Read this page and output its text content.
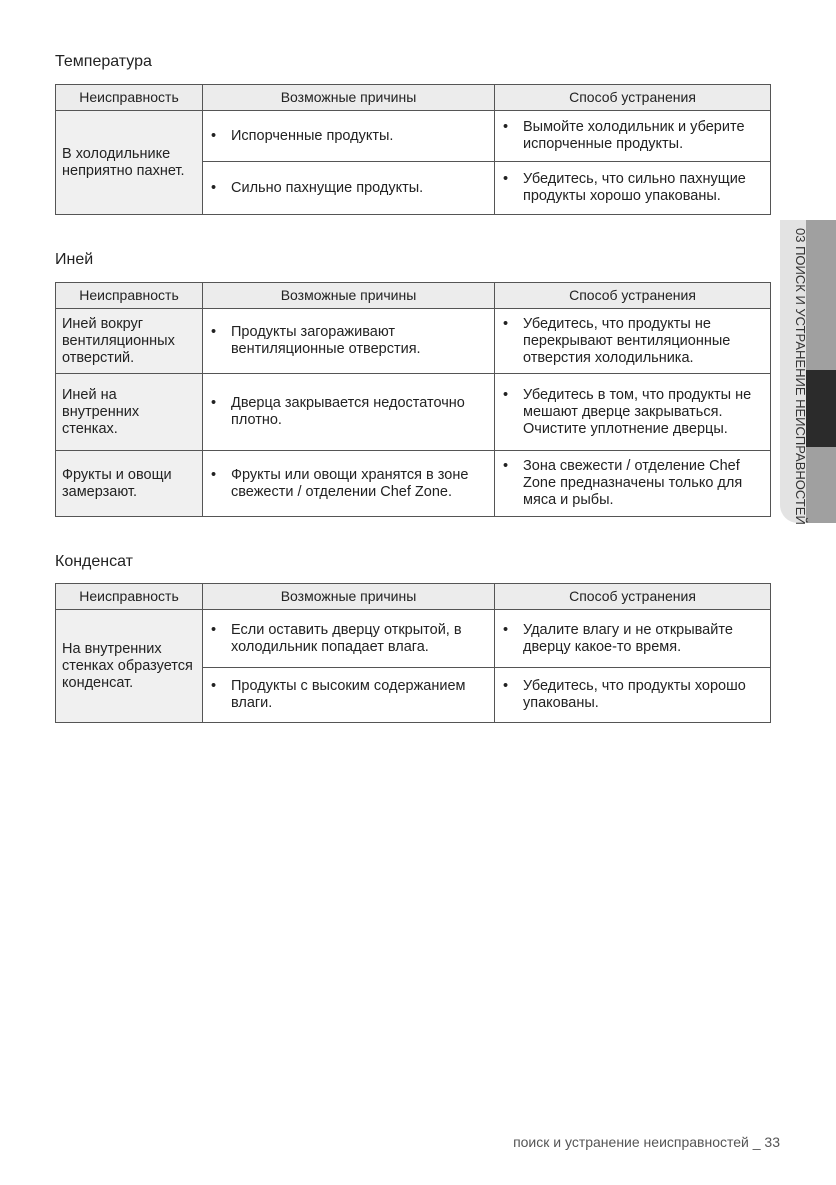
Температура
Неисправность	Возможные причины	Способ устранения
В холодильнике неприятно пахнет.	• Испорченные продукты.	• Вымойте холодильник и уберите испорченные продукты.
	• Сильно пахнущие продукты.	• Убедитесь, что сильно пахнущие продукты хорошо упакованы.
Иней
Неисправность	Возможные причины	Способ устранения
Иней вокруг вентиляционных отверстий.	• Продукты загораживают вентиляционные отверстия.	• Убедитесь, что продукты не перекрывают вентиляционные отверстия холодильника.
Иней на внутренних стенках.	• Дверца закрывается недостаточно плотно.	• Убедитесь в том, что продукты не мешают дверце закрываться. Очистите уплотнение дверцы.
Фрукты и овощи замерзают.	• Фрукты или овощи хранятся в зоне свежести / отделении Chef Zone.	• Зона свежести / отделение Chef Zone предназначены только для мяса и рыбы.
Конденсат
Неисправность	Возможные причины	Способ устранения
На внутренних стенках образуется конденсат.	• Если оставить дверцу открытой, в холодильник попадает влага.	• Удалите влагу и не открывайте дверцу какое-то время.
	• Продукты с высоким содержанием влаги.	• Убедитесь, что продукты хорошо упакованы.
03 ПОИСК И УСТРАНЕНИЕ НЕИСПРАВНОСТЕЙ
поиск и устранение неисправностей _ 33
